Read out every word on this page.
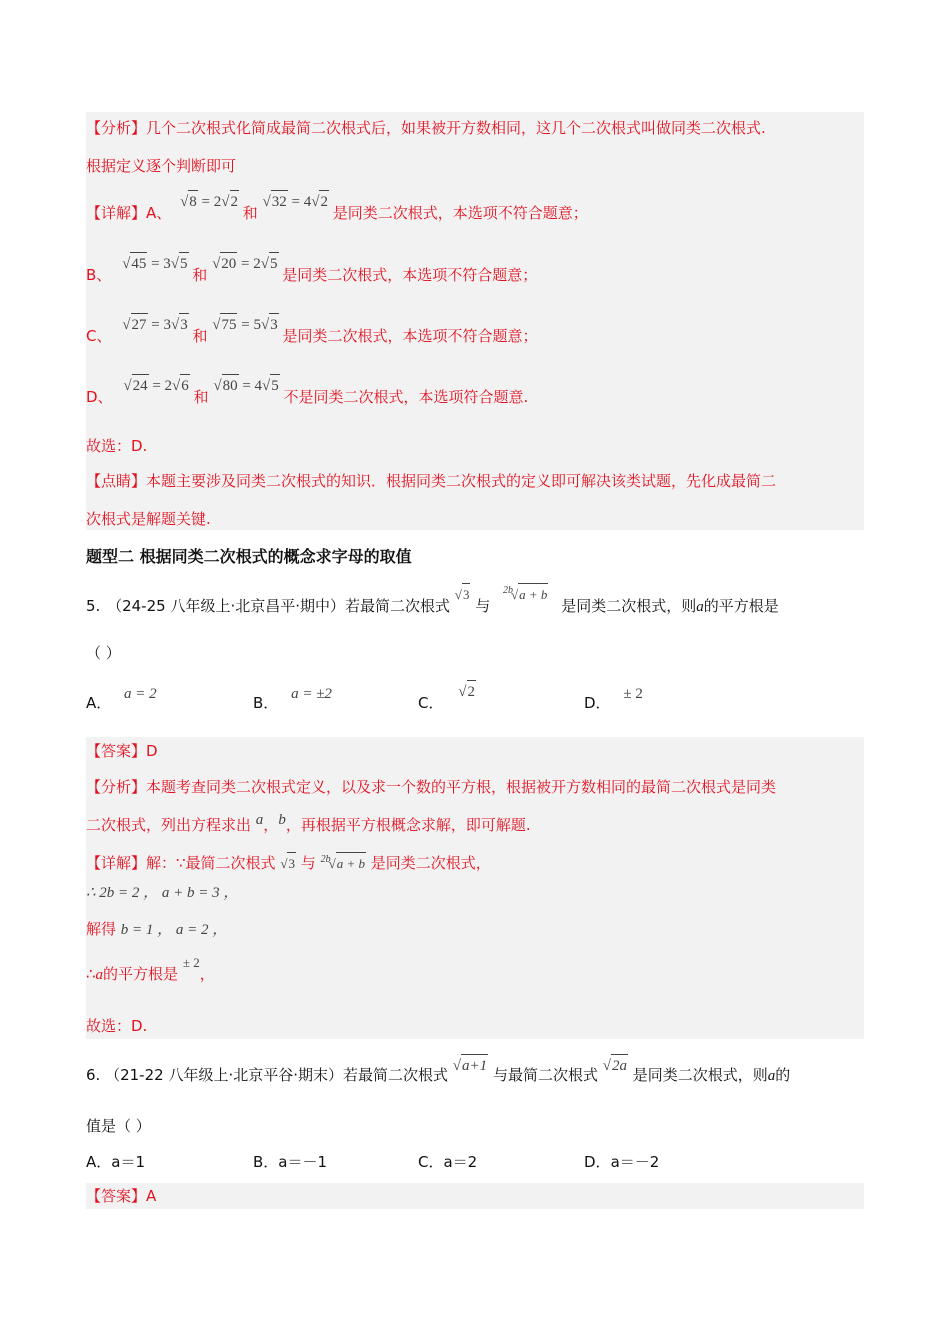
【分析】几个二次根式化简成最简二次根式后，如果被开方数相同，这几个二次根式叫做同类二次根式.
根据定义逐个判断即可
【详解】A、 √8 = 2√2 和 √32 = 4√2 是同类二次根式，本选项不符合题意；
B、 √45 = 3√5 和 √20 = 2√5 是同类二次根式，本选项不符合题意；
C、 √27 = 3√3 和 √75 = 5√3 是同类二次根式，本选项不符合题意；
D、 √24 = 2√6 和 √80 = 4√5 不是同类二次根式，本选项符合题意.
故选：D.
【点睛】本题主要涉及同类二次根式的知识．根据同类二次根式的定义即可解决该类试题，先化成最简二
次根式是解题关键.
题型二 根据同类二次根式的概念求字母的取值
5. （24-25 八年级上·北京昌平·期中）若最简二次根式 √3 与 $^{2b}$√a + b 是同类二次根式，则a的平方根是
（ ）
A． a = 2	B． a = ±2	C． √2
D． ± 2
【答案】D
【分析】本题考查同类二次根式定义，以及求一个数的平方根，根据被开方数相同的最简二次根式是同类
二次根式，列出方程求出 a，b，再根据平方根概念求解，即可解题.
【详解】解：∵最简二次根式 √3 与 $^{2b}$√a + b 是同类二次根式，
∴ 2b = 2 ， a + b = 3 ，
解得 b = 1 ， a = 2 ，
∴a的平方根是 ± 2，
故选：D.
6. （21-22 八年级上·北京平谷·期末）若最简二次根式 √a+1 与最简二次根式 √2a 是同类二次根式，则a的
值是（ ）
A．a＝1	B．a＝－1	C．a＝2	D．a＝－2
【答案】A
